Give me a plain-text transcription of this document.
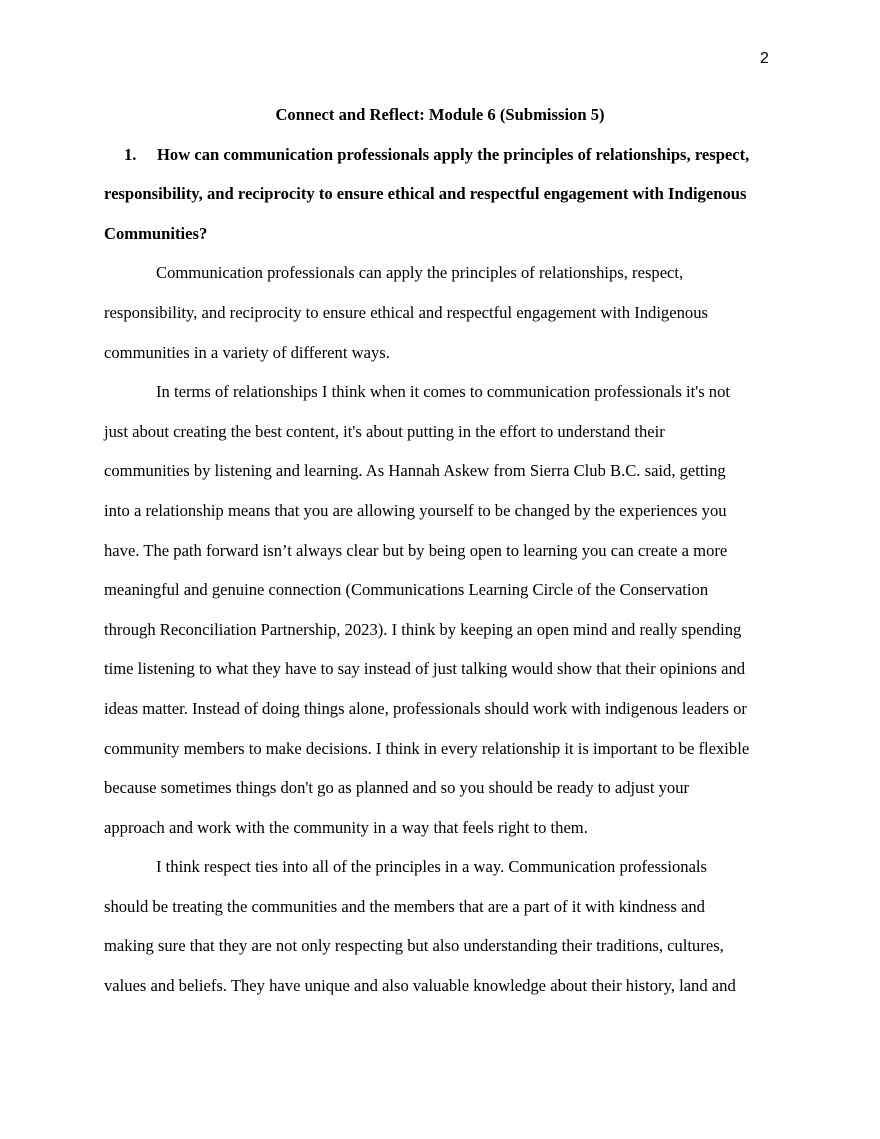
2
Connect and Reflect: Module 6 (Submission 5)
1. How can communication professionals apply the principles of relationships, respect,
responsibility, and reciprocity to ensure ethical and respectful engagement with Indigenous
Communities?
Communication professionals can apply the principles of relationships, respect,
responsibility, and reciprocity to ensure ethical and respectful engagement with Indigenous
communities in a variety of different ways.
In terms of relationships I think when it comes to communication professionals it's not
just about creating the best content, it's about putting in the effort to understand their
communities by listening and learning. As Hannah Askew from Sierra Club B.C. said, getting
into a relationship means that you are allowing yourself to be changed by the experiences you
have. The path forward isn’t always clear but by being open to learning you can create a more
meaningful and genuine connection (Communications Learning Circle of the Conservation
through Reconciliation Partnership, 2023). I think by keeping an open mind and really spending
time listening to what they have to say instead of just talking would show that their opinions and
ideas matter. Instead of doing things alone, professionals should work with indigenous leaders or
community members to make decisions. I think in every relationship it is important to be flexible
because sometimes things don't go as planned and so you should be ready to adjust your
approach and work with the community in a way that feels right to them.
I think respect ties into all of the principles in a way. Communication professionals
should be treating the communities and the members that are a part of it with kindness and
making sure that they are not only respecting but also understanding their traditions, cultures,
values and beliefs. They have unique and also valuable knowledge about their history, land and
